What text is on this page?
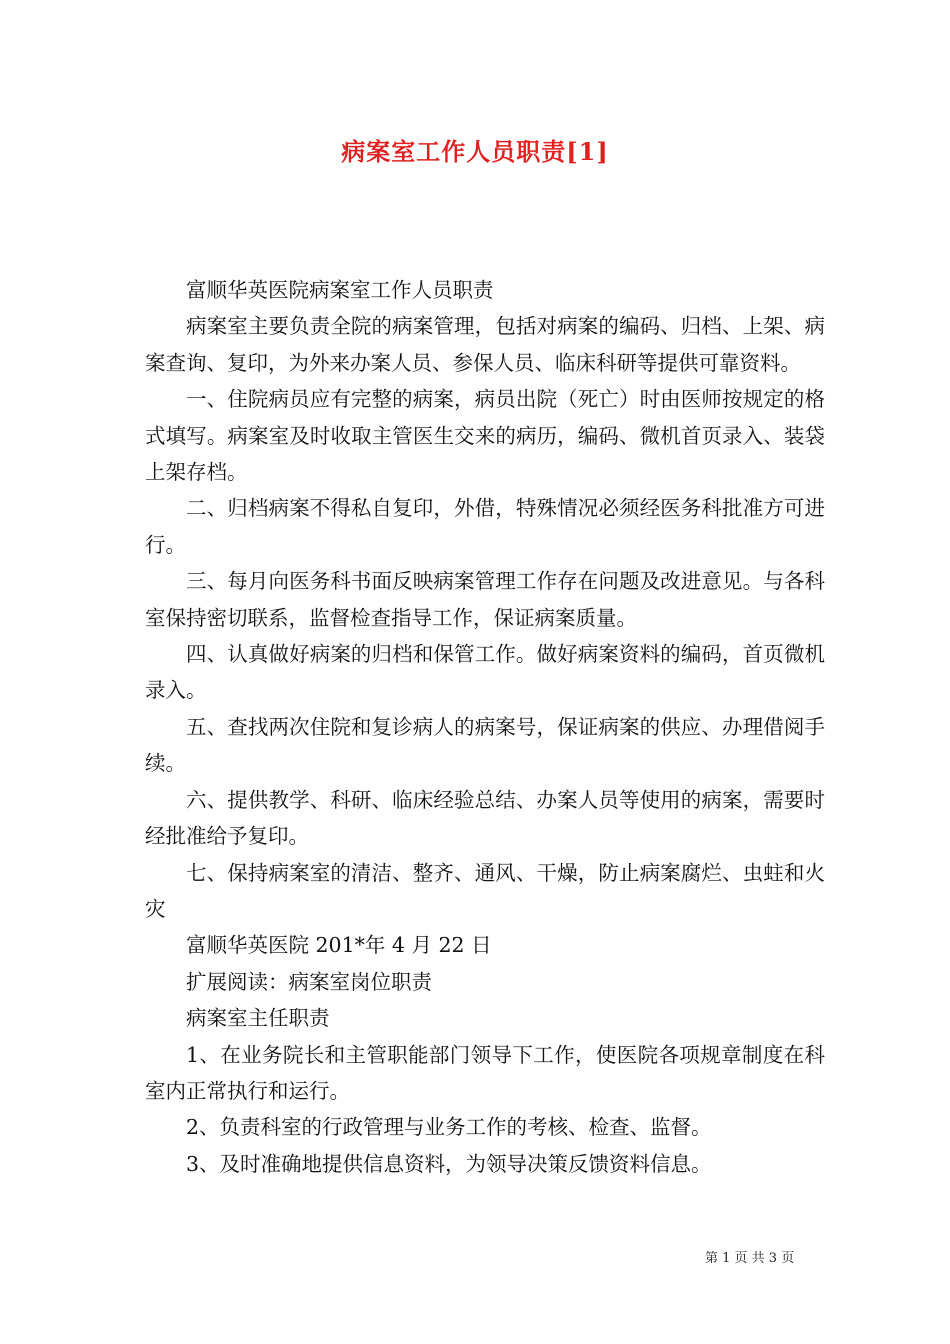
病案室工作人员职责[1]

富顺华英医院病案室工作人员职责

病案室主要负责全院的病案管理，包括对病案的编码、归档、上架、病案查询、复印，为外来办案人员、参保人员、临床科研等提供可靠资料。

一、住院病员应有完整的病案，病员出院（死亡）时由医师按规定的格式填写。病案室及时收取主管医生交来的病历，编码、微机首页录入、装袋上架存档。

二、归档病案不得私自复印，外借，特殊情况必须经医务科批准方可进行。

三、每月向医务科书面反映病案管理工作存在问题及改进意见。与各科室保持密切联系，监督检查指导工作，保证病案质量。

四、认真做好病案的归档和保管工作。做好病案资料的编码，首页微机录入。

五、查找两次住院和复诊病人的病案号，保证病案的供应、办理借阅手续。

六、提供教学、科研、临床经验总结、办案人员等使用的病案，需要时经批准给予复印。

七、保持病案室的清洁、整齐、通风、干燥，防止病案腐烂、虫蛀和火灾

富顺华英医院 201*年 4 月 22 日

扩展阅读：病案室岗位职责

病案室主任职责

1、在业务院长和主管职能部门领导下工作，使医院各项规章制度在科室内正常执行和运行。

2、负责科室的行政管理与业务工作的考核、检查、监督。

3、及时准确地提供信息资料，为领导决策反馈资料信息。

第 1 页 共 3 页
